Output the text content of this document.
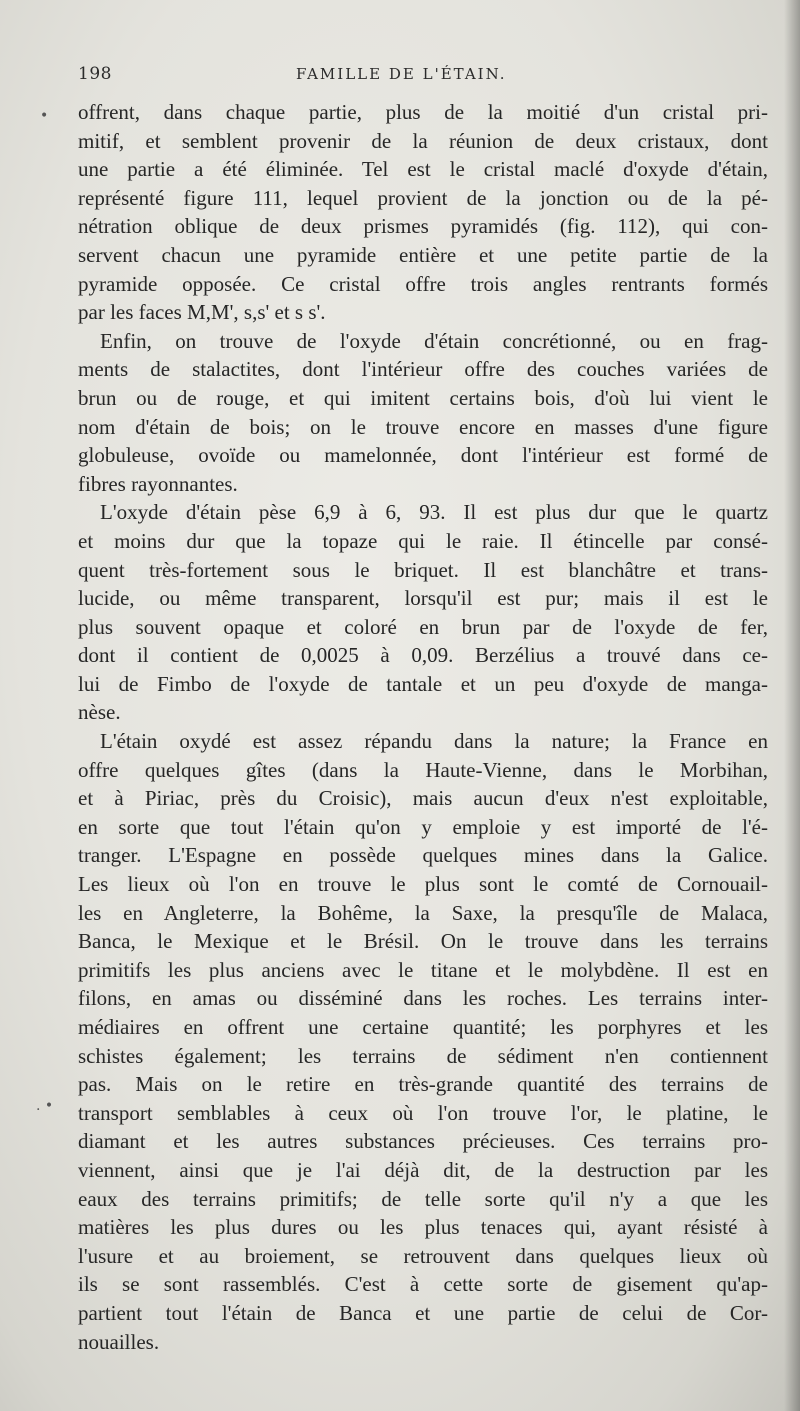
198	FAMILLE DE L'ÉTAIN.
•
. •
offrent, dans chaque partie, plus de la moitié d'un cristal pri-
mitif, et semblent provenir de la réunion de deux cristaux, dont
une partie a été éliminée. Tel est le cristal maclé d'oxyde d'étain,
représenté figure 111, lequel provient de la jonction ou de la pé-
nétration oblique de deux prismes pyramidés (fig. 112), qui con-
servent chacun une pyramide entière et une petite partie de la
pyramide opposée. Ce cristal offre trois angles rentrants formés
par les faces M,M', s,s' et s s'.
Enfin, on trouve de l'oxyde d'étain concrétionné, ou en frag-
ments de stalactites, dont l'intérieur offre des couches variées de
brun ou de rouge, et qui imitent certains bois, d'où lui vient le
nom d'étain de bois; on le trouve encore en masses d'une figure
globuleuse, ovoïde ou mamelonnée, dont l'intérieur est formé de
fibres rayonnantes.
L'oxyde d'étain pèse 6,9 à 6, 93. Il est plus dur que le quartz
et moins dur que la topaze qui le raie. Il étincelle par consé-
quent très-fortement sous le briquet. Il est blanchâtre et trans-
lucide, ou même transparent, lorsqu'il est pur; mais il est le
plus souvent opaque et coloré en brun par de l'oxyde de fer,
dont il contient de 0,0025 à 0,09. Berzélius a trouvé dans ce-
lui de Fimbo de l'oxyde de tantale et un peu d'oxyde de manga-
nèse.
L'étain oxydé est assez répandu dans la nature; la France en
offre quelques gîtes (dans la Haute-Vienne, dans le Morbihan,
et à Piriac, près du Croisic), mais aucun d'eux n'est exploitable,
en sorte que tout l'étain qu'on y emploie y est importé de l'é-
tranger. L'Espagne en possède quelques mines dans la Galice.
Les lieux où l'on en trouve le plus sont le comté de Cornouail-
les en Angleterre, la Bohême, la Saxe, la presqu'île de Malaca,
Banca, le Mexique et le Brésil. On le trouve dans les terrains
primitifs les plus anciens avec le titane et le molybdène. Il est en
filons, en amas ou disséminé dans les roches. Les terrains inter-
médiaires en offrent une certaine quantité; les porphyres et les
schistes également; les terrains de sédiment n'en contiennent
pas. Mais on le retire en très-grande quantité des terrains de
transport semblables à ceux où l'on trouve l'or, le platine, le
diamant et les autres substances précieuses. Ces terrains pro-
viennent, ainsi que je l'ai déjà dit, de la destruction par les
eaux des terrains primitifs; de telle sorte qu'il n'y a que les
matières les plus dures ou les plus tenaces qui, ayant résisté à
l'usure et au broiement, se retrouvent dans quelques lieux où
ils se sont rassemblés. C'est à cette sorte de gisement qu'ap-
partient tout l'étain de Banca et une partie de celui de Cor-
nouailles.
